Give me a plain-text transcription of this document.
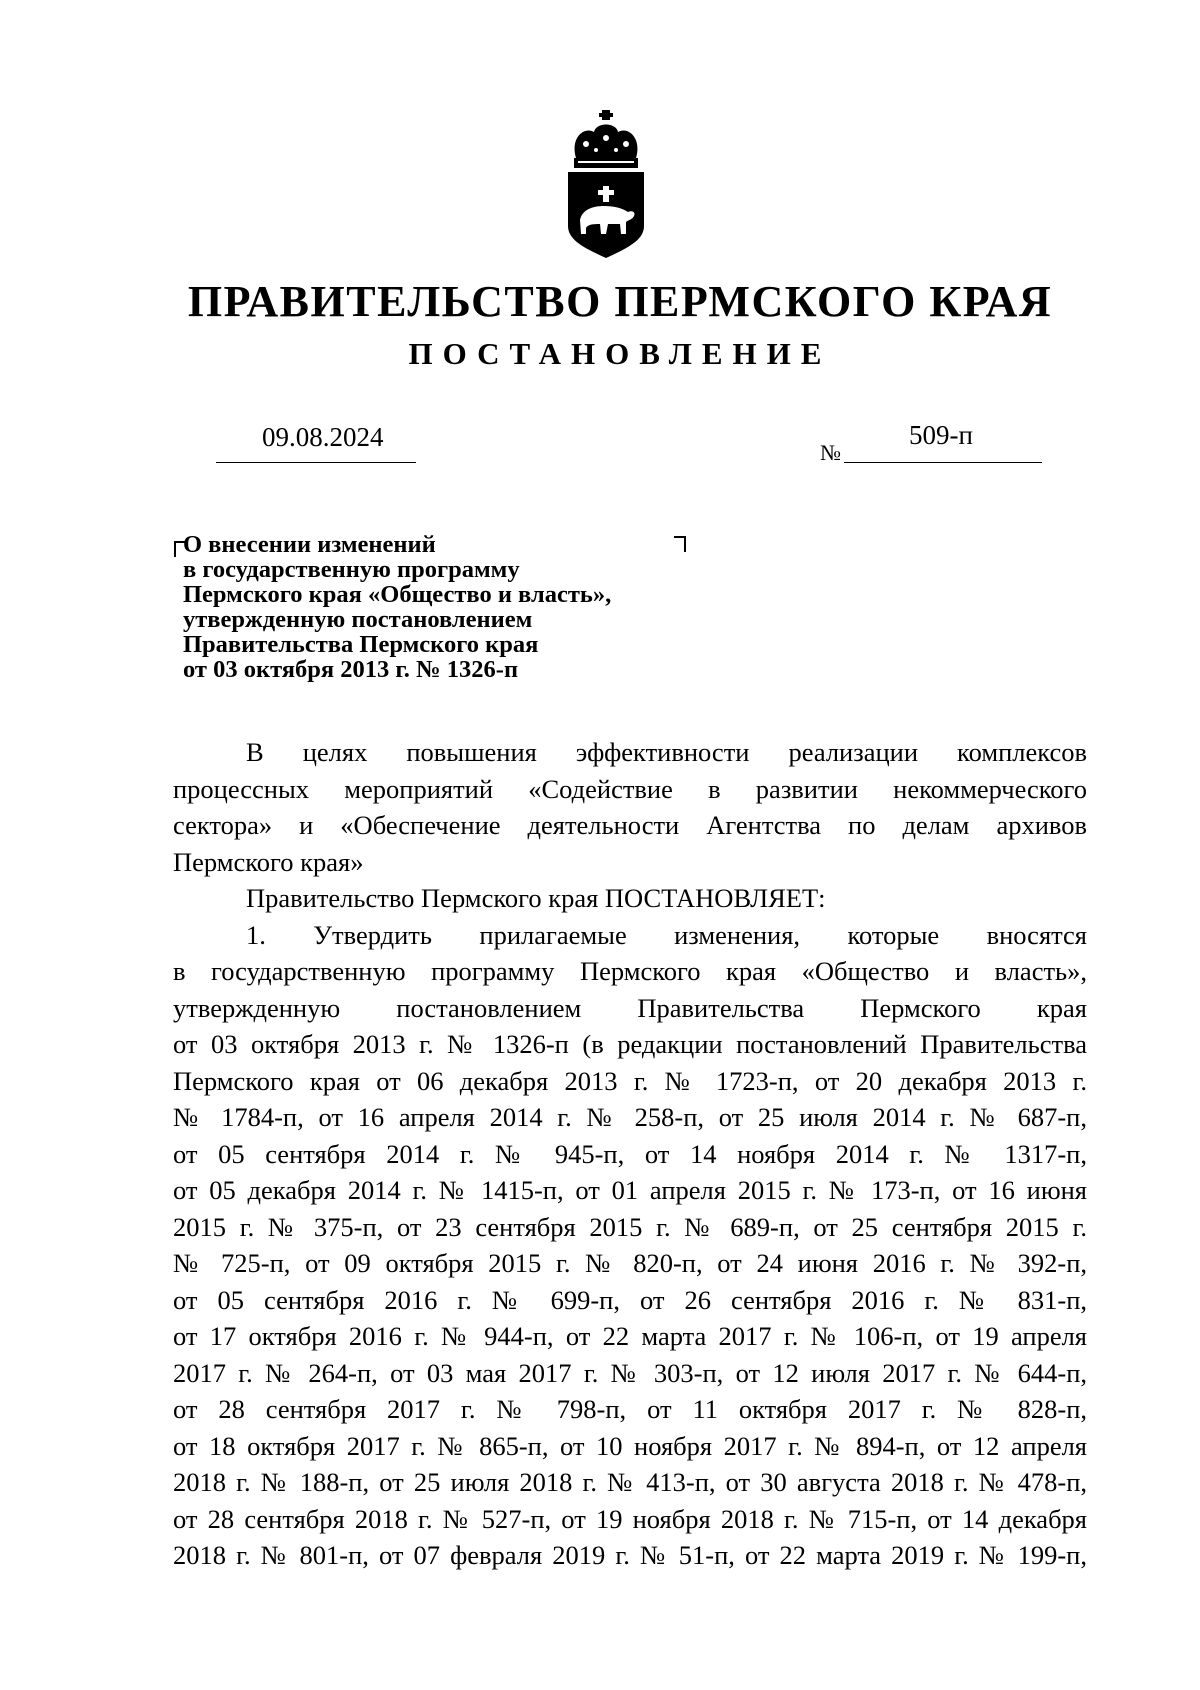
ПРАВИТЕЛЬСТВО ПЕРМСКОГО КРАЯ
ПОСТАНОВЛЕНИЕ
09.08.2024
№
509-п
О внесении изменений
в государственную программу
Пермского края «Общество и власть»,
утвержденную постановлением
Правительства Пермского края
от 03 октября 2013 г. № 1326-п

В целях повышения эффективности реализации комплексов
процессных мероприятий «Содействие в развитии некоммерческого
сектора» и «Обеспечение деятельности Агентства по делам архивов
Пермского края»

Правительство Пермского края ПОСТАНОВЛЯЕТ:

1. Утвердить прилагаемые изменения, которые вносятся
в государственную программу Пермского края «Общество и власть»,
утвержденную постановлением Правительства Пермского края
от 03 октября 2013 г. № 1326-п (в редакции постановлений Правительства
Пермского края от 06 декабря 2013 г. № 1723-п, от 20 декабря 2013 г.
№ 1784-п, от 16 апреля 2014 г. № 258-п, от 25 июля 2014 г. № 687-п,
от 05 сентября 2014 г. № 945-п, от 14 ноября 2014 г. № 1317-п,
от 05 декабря 2014 г. № 1415-п, от 01 апреля 2015 г. № 173-п, от 16 июня
2015 г. № 375-п, от 23 сентября 2015 г. № 689-п, от 25 сентября 2015 г.
№ 725-п, от 09 октября 2015 г. № 820-п, от 24 июня 2016 г. № 392-п,
от 05 сентября 2016 г. № 699-п, от 26 сентября 2016 г. № 831-п,
от 17 октября 2016 г. № 944-п, от 22 марта 2017 г. № 106-п, от 19 апреля
2017 г. № 264-п, от 03 мая 2017 г. № 303-п, от 12 июля 2017 г. № 644-п,
от 28 сентября 2017 г. № 798-п, от 11 октября 2017 г. № 828-п,
от 18 октября 2017 г. № 865-п, от 10 ноября 2017 г. № 894-п, от 12 апреля
2018 г. № 188-п, от 25 июля 2018 г. № 413-п, от 30 августа 2018 г. № 478-п,
от 28 сентября 2018 г. № 527-п, от 19 ноября 2018 г. № 715-п, от 14 декабря
2018 г. № 801-п, от 07 февраля 2019 г. № 51-п, от 22 марта 2019 г. № 199-п,
